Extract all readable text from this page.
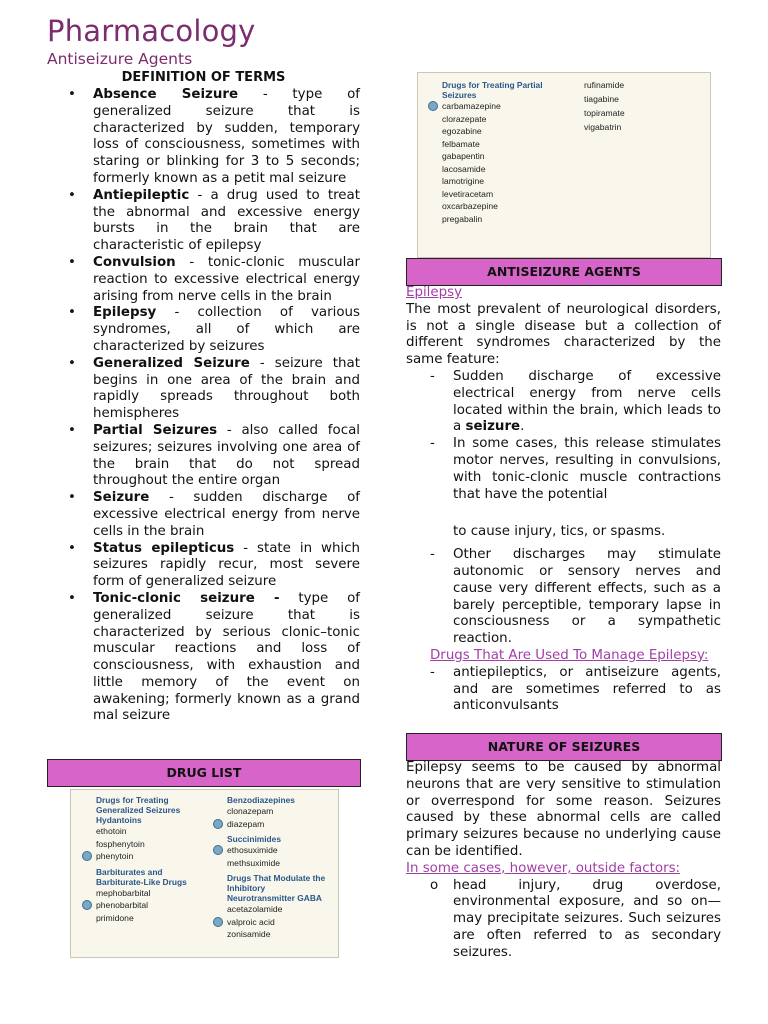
Pharmacology
Antiseizure Agents
DEFINITION OF TERMS
• Absence Seizure - type of generalized seizure that is characterized by sudden, temporary loss of consciousness, sometimes with staring or blinking for 3 to 5 seconds; formerly known as a petit mal seizure
• Antiepileptic - a drug used to treat the abnormal and excessive energy bursts in the brain that are characteristic of epilepsy
• Convulsion - tonic-clonic muscular reaction to excessive electrical energy arising from nerve cells in the brain
• Epilepsy - collection of various syndromes, all of which are characterized by seizures
• Generalized Seizure - seizure that begins in one area of the brain and rapidly spreads throughout both hemispheres
• Partial Seizures - also called focal seizures; seizures involving one area of the brain that do not spread throughout the entire organ
• Seizure - sudden discharge of excessive electrical energy from nerve cells in the brain
• Status epilepticus - state in which seizures rapidly recur, most severe form of generalized seizure
• Tonic-clonic seizure - type of generalized seizure that is characterized by serious clonic–tonic muscular reactions and loss of consciousness, with exhaustion and little memory of the event on awakening; formerly known as a grand mal seizure
DRUG LIST
Drugs for Treating Generalized Seizures
Hydantoins
ethotoin
fosphenytoin
phenytoin
Barbiturates and Barbiturate-Like Drugs
mephobarbital
phenobarbital
primidone
Benzodiazepines
clonazepam
diazepam
Succinimides
ethosuximide
methsuximide
Drugs That Modulate the Inhibitory Neurotransmitter GABA
acetazolamide
valproic acid
zonisamide
Drugs for Treating Partial Seizures
carbamazepine
clorazepate
egozabine
felbamate
gabapentin
lacosamide
lamotrigine
levetiracetam
oxcarbazepine
pregabalin
rufinamide
tiagabine
topiramate
vigabatrin
ANTISEIZURE AGENTS

Epilepsy

The most prevalent of neurological disorders, is not a single disease but a collection of different syndromes characterized by the same feature:

- Sudden discharge of excessive electrical energy from nerve cells located within the brain, which leads to a seizure.
- In some cases, this release stimulates motor nerves, resulting in convulsions, with tonic-clonic muscle contractions that have the potential
to cause injury, tics, or spasms.
- Other discharges may stimulate autonomic or sensory nerves and cause very different effects, such as a barely perceptible, temporary lapse in consciousness or a sympathetic reaction.

Drugs That Are Used To Manage Epilepsy:

- antiepileptics, or antiseizure agents, and are sometimes referred to as anticonvulsants
NATURE OF SEIZURES

Epilepsy seems to be caused by abnormal neurons that are very sensitive to stimulation or overrespond for some reason. Seizures caused by these abnormal cells are called primary seizures because no underlying cause can be identified.

In some cases, however, outside factors:

o head injury, drug overdose, environmental exposure, and so on—may precipitate seizures. Such seizures are often referred to as secondary seizures.
